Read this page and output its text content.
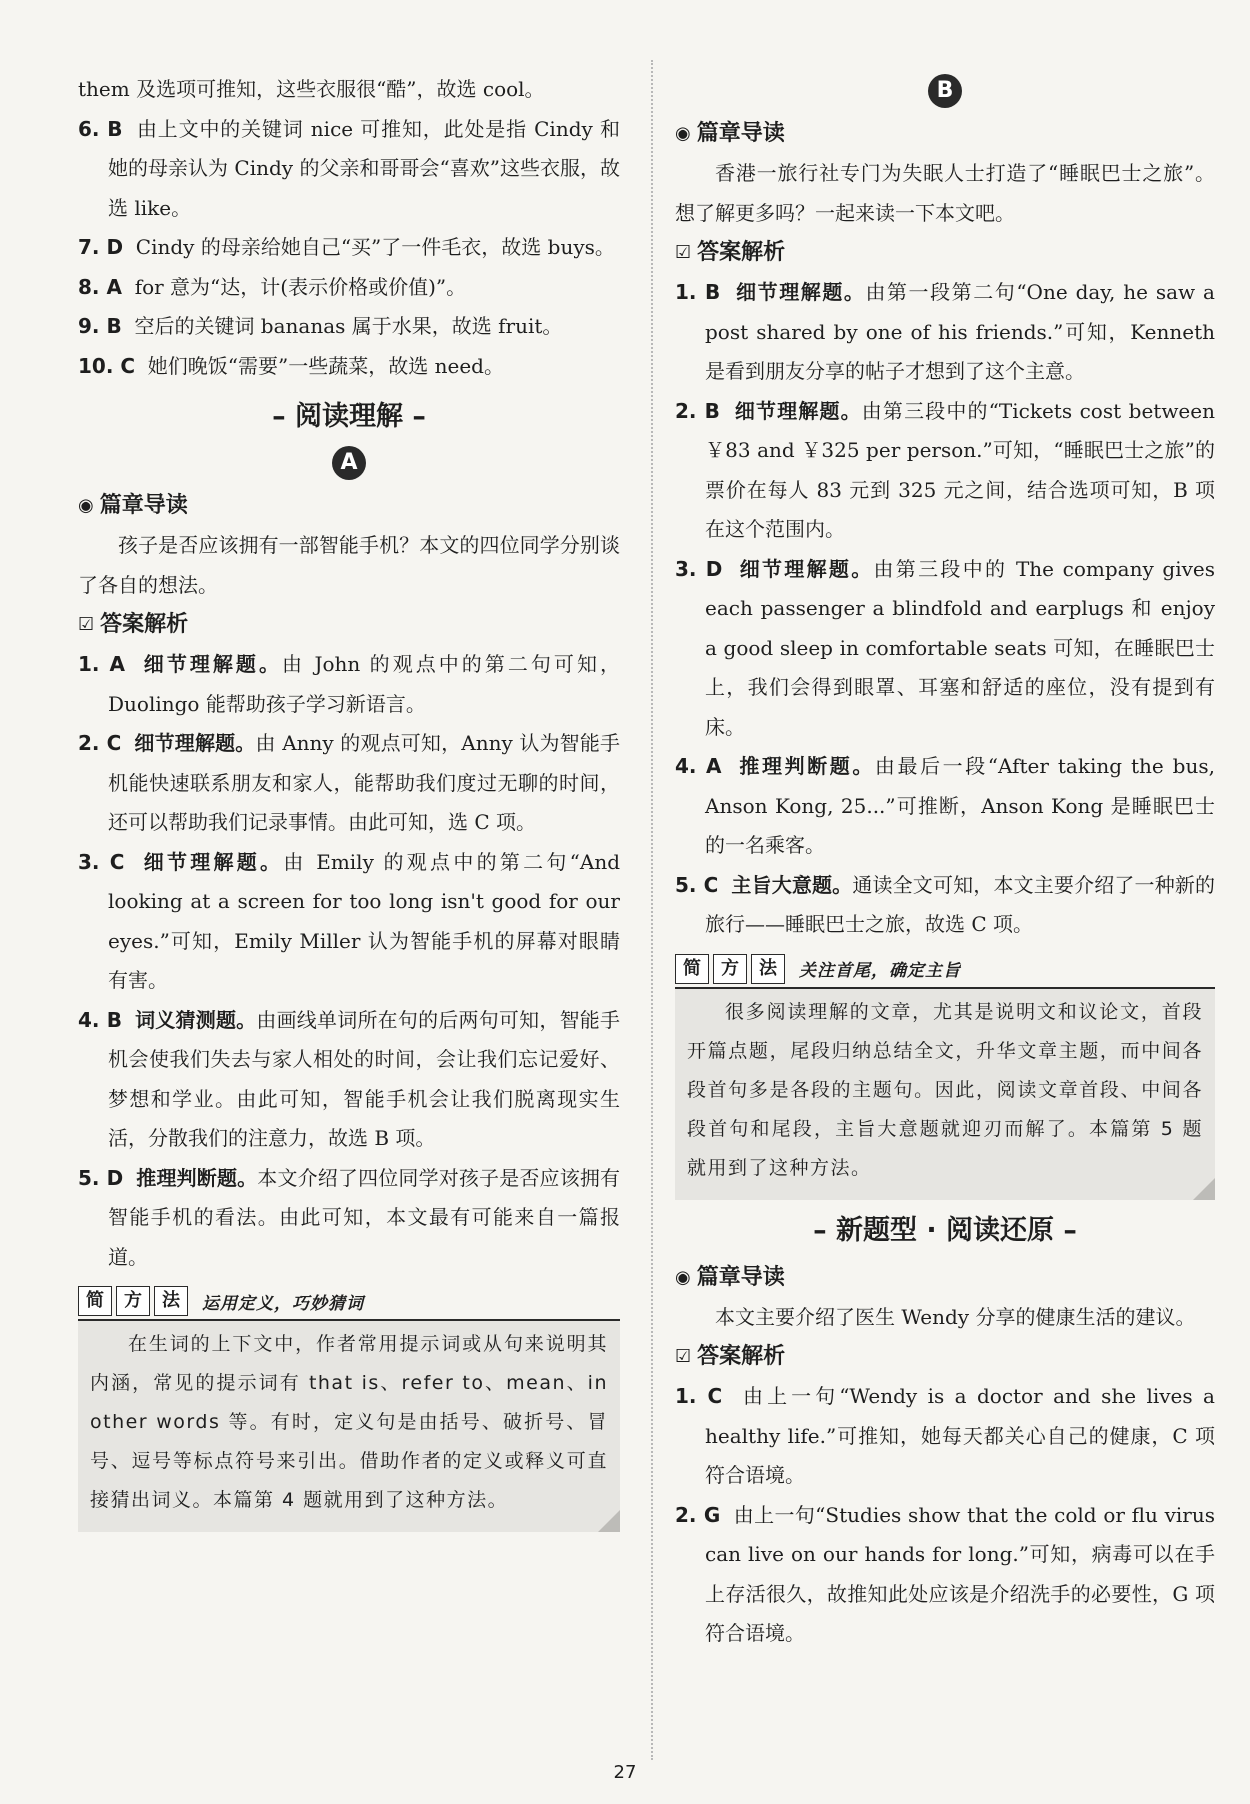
them 及选项可推知，这些衣服很“酷”，故选 cool。

6. B 由上文中的关键词 nice 可推知，此处是指 Cindy 和她的母亲认为 Cindy 的父亲和哥哥会“喜欢”这些衣服，故选 like。

7. D Cindy 的母亲给她自己“买”了一件毛衣，故选 buys。

8. A for 意为“达，计(表示价格或价值)”。

9. B 空后的关键词 bananas 属于水果，故选 fruit。

10. C 她们晚饭“需要”一些蔬菜，故选 need。

– 阅读理解 –
A
◉ 篇章导读

孩子是否应该拥有一部智能手机？本文的四位同学分别谈了各自的想法。

☑ 答案解析

1. A 细节理解题。由 John 的观点中的第二句可知，Duolingo 能帮助孩子学习新语言。

2. C 细节理解题。由 Anny 的观点可知，Anny 认为智能手机能快速联系朋友和家人，能帮助我们度过无聊的时间，还可以帮助我们记录事情。由此可知，选 C 项。

3. C 细节理解题。由 Emily 的观点中的第二句“And looking at a screen for too long isn't good for our eyes.”可知，Emily Miller 认为智能手机的屏幕对眼睛有害。

4. B 词义猜测题。由画线单词所在句的后两句可知，智能手机会使我们失去与家人相处的时间，会让我们忘记爱好、梦想和学业。由此可知，智能手机会让我们脱离现实生活，分散我们的注意力，故选 B 项。

5. D 推理判断题。本文介绍了四位同学对孩子是否应该拥有智能手机的看法。由此可知，本文最有可能来自一篇报道。

简	方	法	运用定义，巧妙猜词

在生词的上下文中，作者常用提示词或从句来说明其内涵，常见的提示词有 that is、refer to、mean、in other words 等。有时，定义句是由括号、破折号、冒号、逗号等标点符号来引出。借助作者的定义或释义可直接猜出词义。本篇第 4 题就用到了这种方法。

B
◉ 篇章导读

香港一旅行社专门为失眠人士打造了“睡眠巴士之旅”。想了解更多吗？一起来读一下本文吧。

☑ 答案解析

1. B 细节理解题。由第一段第二句“One day, he saw a post shared by one of his friends.”可知，Kenneth 是看到朋友分享的帖子才想到了这个主意。

2. B 细节理解题。由第三段中的“Tickets cost between ￥83 and ￥325 per person.”可知，“睡眠巴士之旅”的票价在每人 83 元到 325 元之间，结合选项可知，B 项在这个范围内。

3. D 细节理解题。由第三段中的 The company gives each passenger a blindfold and earplugs 和 enjoy a good sleep in comfortable seats 可知，在睡眠巴士上，我们会得到眼罩、耳塞和舒适的座位，没有提到有床。

4. A 推理判断题。由最后一段“After taking the bus, Anson Kong, 25...”可推断，Anson Kong 是睡眠巴士的一名乘客。

5. C 主旨大意题。通读全文可知，本文主要介绍了一种新的旅行——睡眠巴士之旅，故选 C 项。

简	方	法	关注首尾，确定主旨

很多阅读理解的文章，尤其是说明文和议论文，首段开篇点题，尾段归纳总结全文，升华文章主题，而中间各段首句多是各段的主题句。因此，阅读文章首段、中间各段首句和尾段，主旨大意题就迎刃而解了。本篇第 5 题就用到了这种方法。

– 新题型 · 阅读还原 –
◉ 篇章导读

本文主要介绍了医生 Wendy 分享的健康生活的建议。

☑ 答案解析

1. C 由上一句“Wendy is a doctor and she lives a healthy life.”可推知，她每天都关心自己的健康，C 项符合语境。

2. G 由上一句“Studies show that the cold or flu virus can live on our hands for long.”可知，病毒可以在手上存活很久，故推知此处应该是介绍洗手的必要性，G 项符合语境。

27
